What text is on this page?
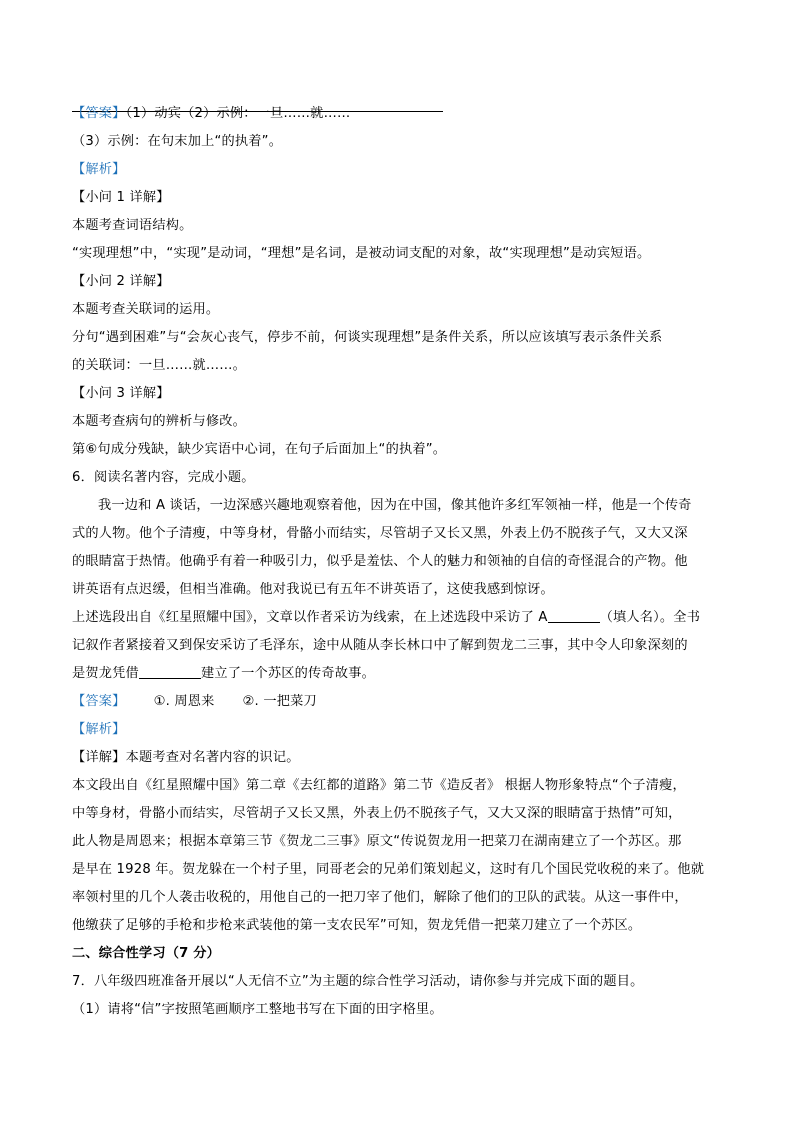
【答案】（1）动宾（2）示例：一旦……就……
（3）示例：在句末加上“的执着”。
【解析】
【小问 1 详解】
本题考查词语结构。
“实现理想”中，“实现”是动词，“理想”是名词，是被动词支配的对象，故“实现理想”是动宾短语。
【小问 2 详解】
本题考查关联词的运用。
分句“遇到困难”与“会灰心丧气，停步不前，何谈实现理想”是条件关系，所以应该填写表示条件关系
的关联词：一旦……就……。
【小问 3 详解】
本题考查病句的辨析与修改。
第⑥句成分残缺，缺少宾语中心词，在句子后面加上“的执着”。
6．阅读名著内容，完成小题。
我一边和 A 谈话，一边深感兴趣地观察着他，因为在中国，像其他许多红军领袖一样，他是一个传奇
式的人物。他个子清瘦，中等身材，骨骼小而结实，尽管胡子又长又黑，外表上仍不脱孩子气，又大又深
的眼睛富于热情。他确乎有着一种吸引力，似乎是羞怯、个人的魅力和领袖的自信的奇怪混合的产物。他
讲英语有点迟缓，但相当准确。他对我说已有五年不讲英语了，这使我感到惊讶。
上述选段出自《红星照耀中国》，文章以作者采访为线索，在上述选段中采访了 A	（填人名）。全书
记叙作者紧接着又到保安采访了毛泽东，途中从随从李长林口中了解到贺龙二三事，其中令人印象深刻的
是贺龙凭借	建立了一个苏区的传奇故事。
【答案】 ①. 周恩来 ②. 一把菜刀
【解析】
【详解】本题考查对名著内容的识记。
本文段出自《红星照耀中国》第二章《去红都的道路》第二节《造反者》 根据人物形象特点“个子清瘦，
中等身材，骨骼小而结实，尽管胡子又长又黑，外表上仍不脱孩子气，又大又深的眼睛富于热情”可知，
此人物是周恩来；根据本章第三节《贺龙二三事》原文“传说贺龙用一把菜刀在湖南建立了一个苏区。那
是早在 1928 年。贺龙躲在一个村子里，同哥老会的兄弟们策划起义，这时有几个国民党收税的来了。他就
率领村里的几个人袭击收税的，用他自己的一把刀宰了他们，解除了他们的卫队的武装。从这一事件中，
他缴获了足够的手枪和步枪来武装他的第一支农民军”可知，贺龙凭借一把菜刀建立了一个苏区。
二、综合性学习（7 分）
7．八年级四班准备开展以“人无信不立”为主题的综合性学习活动，请你参与并完成下面的题目。
（1）请将“信”字按照笔画顺序工整地书写在下面的田字格里。
